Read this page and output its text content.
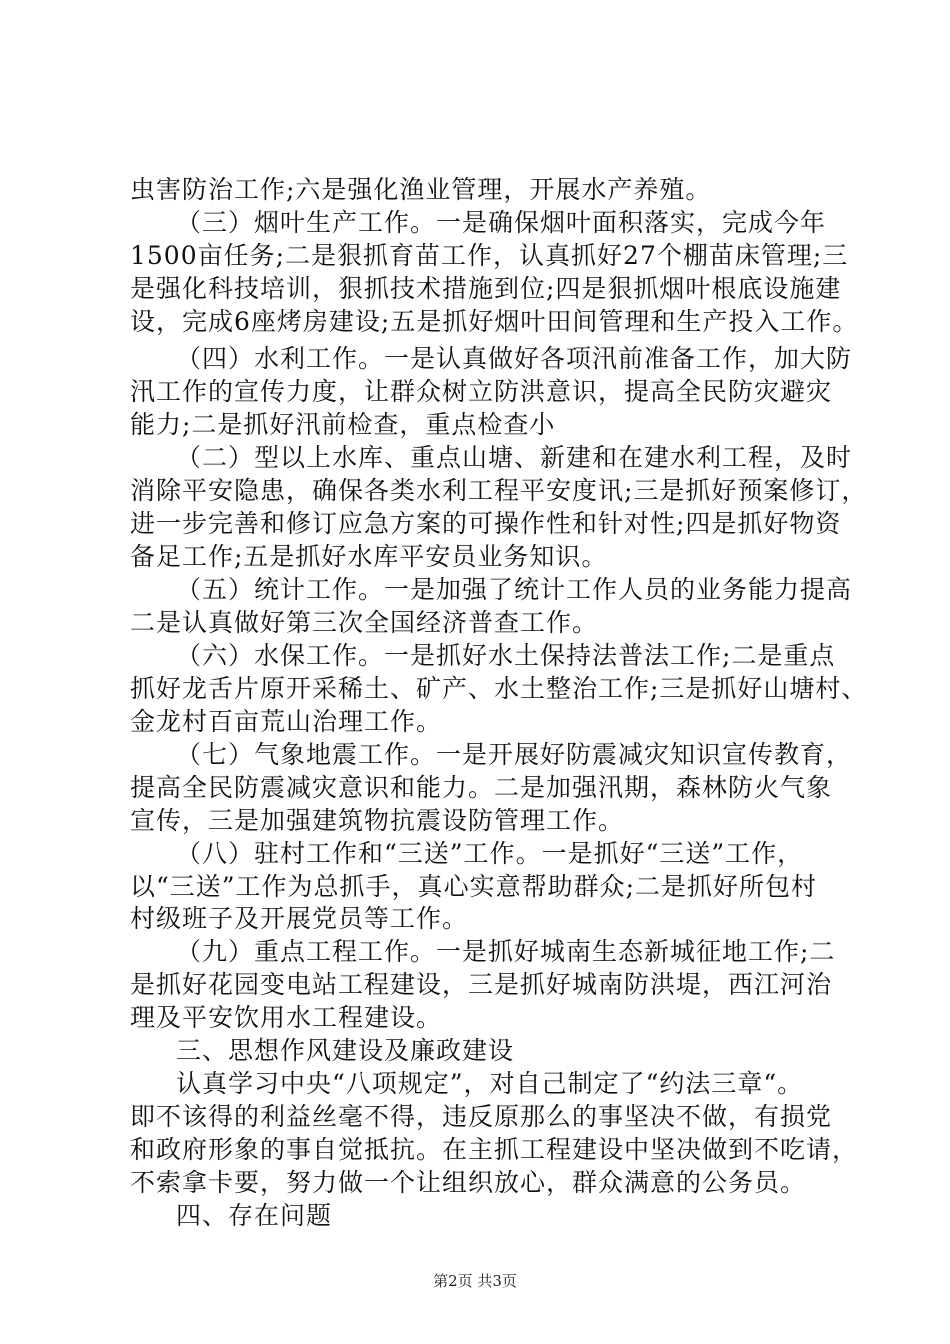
虫害防治工作;六是强化渔业管理，开展水产养殖。
（三）烟叶生产工作。一是确保烟叶面积落实，完成今年
1500亩任务;二是狠抓育苗工作，认真抓好27个棚苗床管理;三
是强化科技培训，狠抓技术措施到位;四是狠抓烟叶根底设施建
设，完成6座烤房建设;五是抓好烟叶田间管理和生产投入工作。
（四）水利工作。一是认真做好各项汛前准备工作，加大防
汛工作的宣传力度，让群众树立防洪意识，提高全民防灾避灾
能力;二是抓好汛前检查，重点检查小
（二）型以上水库、重点山塘、新建和在建水利工程，及时
消除平安隐患，确保各类水利工程平安度讯;三是抓好预案修订，
进一步完善和修订应急方案的可操作性和针对性;四是抓好物资
备足工作;五是抓好水库平安员业务知识。
（五）统计工作。一是加强了统计工作人员的业务能力提高
二是认真做好第三次全国经济普查工作。
（六）水保工作。一是抓好水土保持法普法工作;二是重点
抓好龙舌片原开采稀土、矿产、水土整治工作;三是抓好山塘村、
金龙村百亩荒山治理工作。
（七）气象地震工作。一是开展好防震减灾知识宣传教育，
提高全民防震减灾意识和能力。二是加强汛期，森林防火气象
宣传，三是加强建筑物抗震设防管理工作。
（八）驻村工作和“三送”工作。一是抓好“三送”工作，
以“三送”工作为总抓手，真心实意帮助群众;二是抓好所包村
村级班子及开展党员等工作。
（九）重点工程工作。一是抓好城南生态新城征地工作;二
是抓好花园变电站工程建设，三是抓好城南防洪堤，西江河治
理及平安饮用水工程建设。
三、思想作风建设及廉政建设
认真学习中央“八项规定”，对自己制定了“约法三章“。
即不该得的利益丝毫不得，违反原那么的事坚决不做，有损党
和政府形象的事自觉抵抗。在主抓工程建设中坚决做到不吃请，
不索拿卡要，努力做一个让组织放心，群众满意的公务员。
四、存在问题
第2页 共3页
